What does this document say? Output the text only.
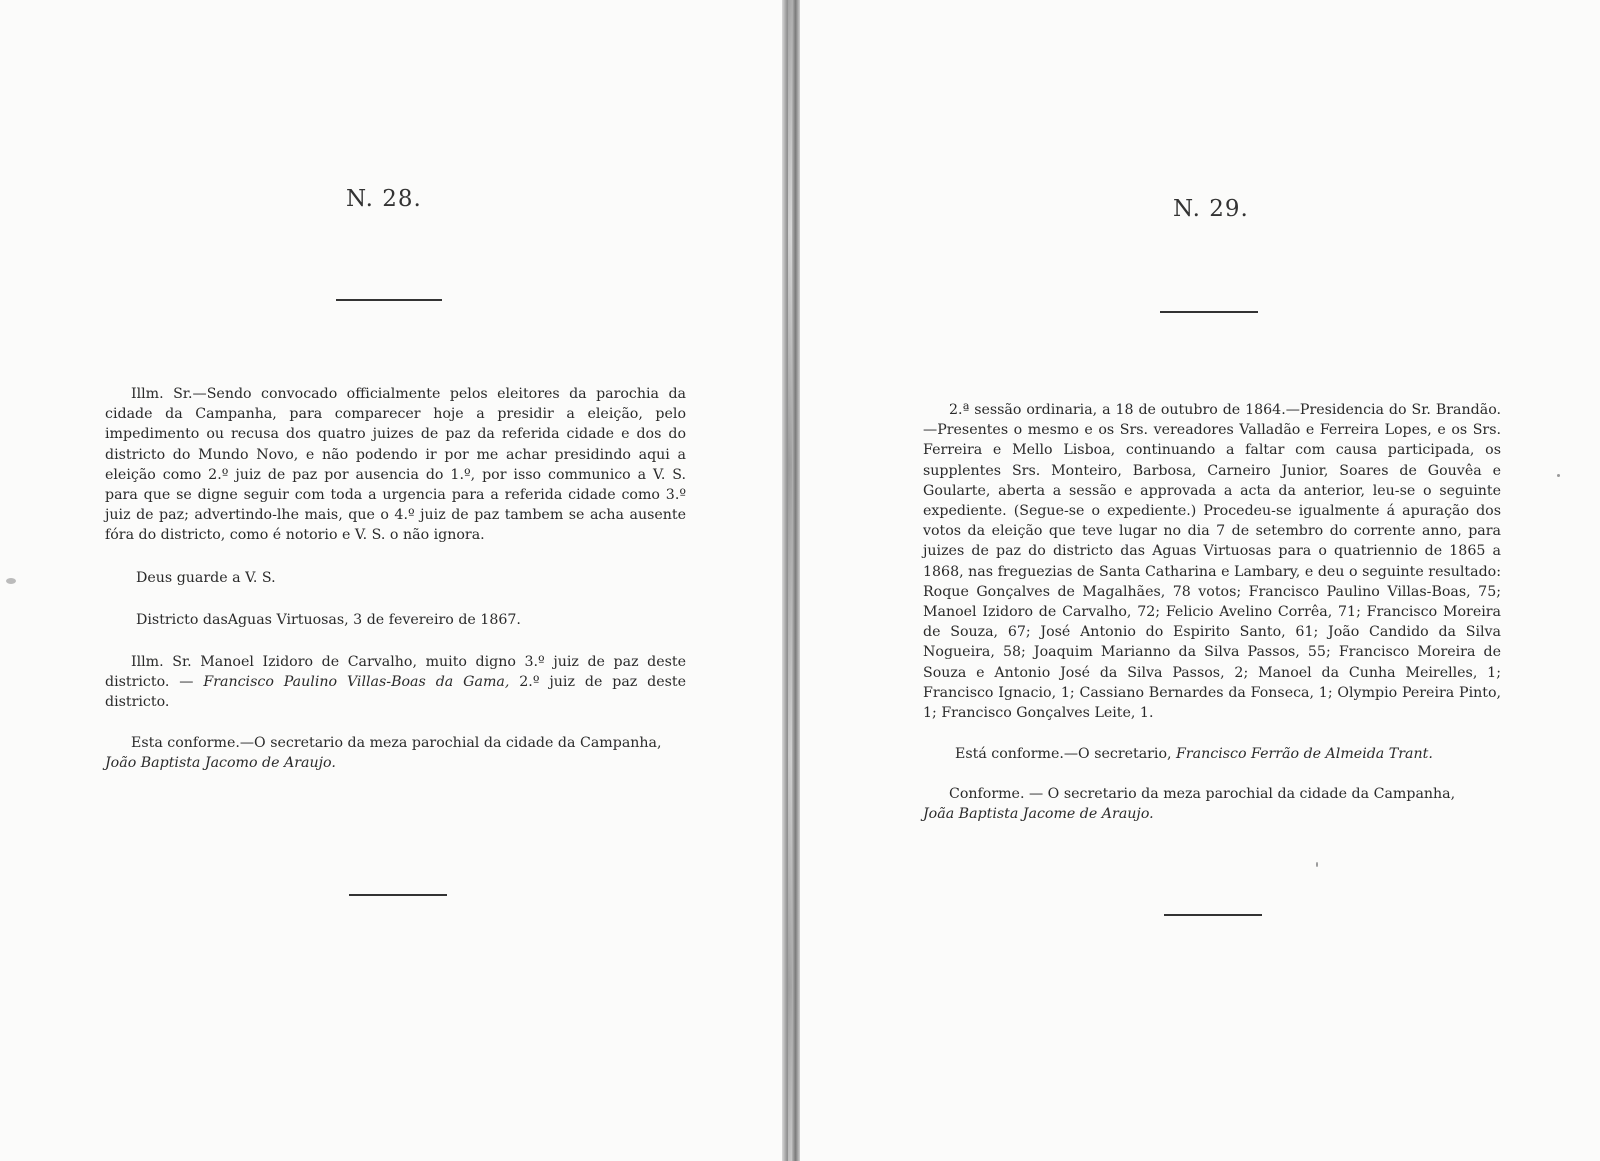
N. 28.

Illm. Sr.—Sendo convocado officialmente pelos eleitores da parochia da cidade da Campanha, para comparecer hoje a presidir a eleição, pelo impedimento ou recusa dos quatro juizes de paz da referida cidade e dos do districto do Mundo Novo, e não podendo ir por me achar presidindo aqui a eleição como 2.º juiz de paz por ausencia do 1.º, por isso communico a V. S. para que se digne seguir com toda a urgencia para a referida cidade como 3.º juiz de paz; advertindo-lhe mais, que o 4.º juiz de paz tambem se acha ausente fóra do districto, como é notorio e V. S. o não ignora.

Deus guarde a V. S.

Districto dasAguas Virtuosas, 3 de fevereiro de 1867.

Illm. Sr. Manoel Izidoro de Carvalho, muito digno 3.º juiz de paz deste districto. — Francisco Paulino Villas-Boas da Gama, 2.º juiz de paz deste districto.

Esta conforme.—O secretario da meza parochial da cidade da Campanha,
João Baptista Jacomo de Araujo.

N. 29.

2.ª sessão ordinaria, a 18 de outubro de 1864.—Presidencia do Sr. Brandão. —Presentes o mesmo e os Srs. vereadores Valladão e Ferreira Lopes, e os Srs. Ferreira e Mello Lisboa, continuando a faltar com causa participada, os supplentes Srs. Monteiro, Barbosa, Carneiro Junior, Soares de Gouvêa e Goularte, aberta a sessão e approvada a acta da anterior, leu-se o seguinte expediente. (Segue-se o expediente.) Procedeu-se igualmente á apuração dos votos da eleição que teve lugar no dia 7 de setembro do corrente anno, para juizes de paz do districto das Aguas Virtuosas para o quatriennio de 1865 a 1868, nas freguezias de Santa Catharina e Lambary, e deu o seguinte resultado: Roque Gonçalves de Magalhães, 78 votos; Francisco Paulino Villas-Boas, 75; Manoel Izidoro de Carvalho, 72; Felicio Avelino Corrêa, 71; Francisco Moreira de Souza, 67; José Antonio do Espirito Santo, 61; João Candido da Silva Nogueira, 58; Joaquim Marianno da Silva Passos, 55; Francisco Moreira de Souza e Antonio José da Silva Passos, 2; Manoel da Cunha Meirelles, 1; Francisco Ignacio, 1; Cassiano Bernardes da Fonseca, 1; Olympio Pereira Pinto, 1; Francisco Gonçalves Leite, 1.

Está conforme.—O secretario, Francisco Ferrão de Almeida Trant.

Conforme. — O secretario da meza parochial da cidade da Campanha,
Joãa Baptista Jacome de Araujo.
